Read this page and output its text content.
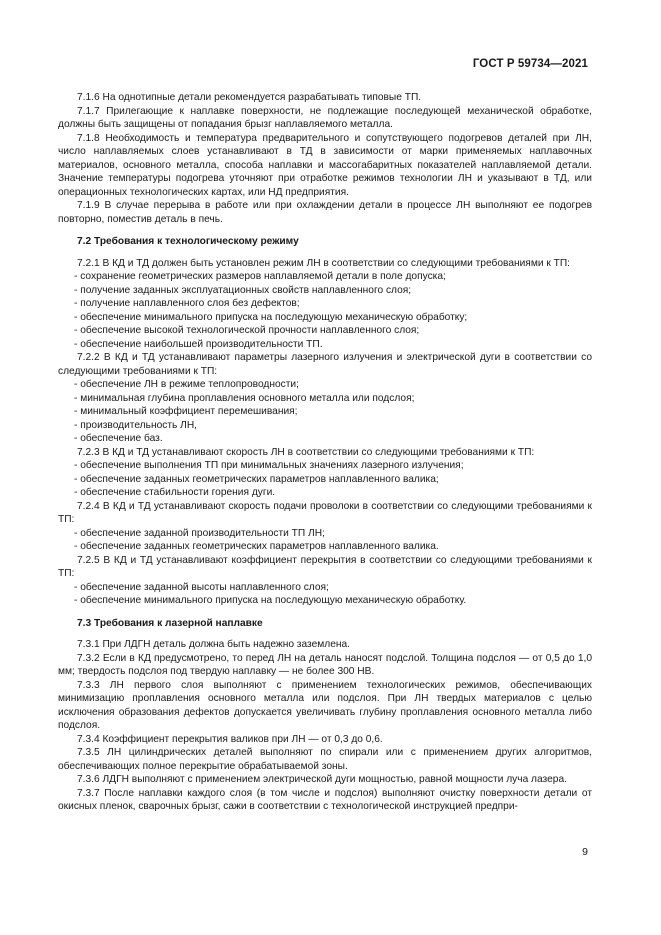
ГОСТ Р 59734—2021

7.1.6 На однотипные детали рекомендуется разрабатывать типовые ТП.

7.1.7 Прилегающие к наплавке поверхности, не подлежащие последующей механической обработке, должны быть защищены от попадания брызг наплавляемого металла.

7.1.8 Необходимость и температура предварительного и сопутствующего подогревов деталей при ЛН, число наплавляемых слоев устанавливают в ТД в зависимости от марки применяемых наплавочных материалов, основного металла, способа наплавки и массогабаритных показателей наплавляемой детали. Значение температуры подогрева уточняют при отработке режимов технологии ЛН и указывают в ТД, или операционных технологических картах, или НД предприятия.

7.1.9 В случае перерыва в работе или при охлаждении детали в процессе ЛН выполняют ее подогрев повторно, поместив деталь в печь.

7.2 Требования к технологическому режиму

7.2.1 В КД и ТД должен быть установлен режим ЛН в соответствии со следующими требованиями к ТП:

- сохранение геометрических размеров наплавляемой детали в поле допуска;

- получение заданных эксплуатационных свойств наплавленного слоя;

- получение наплавленного слоя без дефектов;

- обеспечение минимального припуска на последующую механическую обработку;

- обеспечение высокой технологической прочности наплавленного слоя;

- обеспечение наибольшей производительности ТП.

7.2.2 В КД и ТД устанавливают параметры лазерного излучения и электрической дуги в соответствии со следующими требованиями к ТП:

- обеспечение ЛН в режиме теплопроводности;

- минимальная глубина проплавления основного металла или подслоя;

- минимальный коэффициент перемешивания;

- производительность ЛН,

- обеспечение баз.

7.2.3 В КД и ТД устанавливают скорость ЛН в соответствии со следующими требованиями к ТП:

- обеспечение выполнения ТП при минимальных значениях лазерного излучения;

- обеспечение заданных геометрических параметров наплавленного валика;

- обеспечение стабильности горения дуги.

7.2.4 В КД и ТД устанавливают скорость подачи проволоки в соответствии со следующими требованиями к ТП:

- обеспечение заданной производительности ТП ЛН;

- обеспечение заданных геометрических параметров наплавленного валика.

7.2.5 В КД и ТД устанавливают коэффициент перекрытия в соответствии со следующими требованиями к ТП:

- обеспечение заданной высоты наплавленного слоя;

- обеспечение минимального припуска на последующую механическую обработку.

7.3 Требования к лазерной наплавке

7.3.1 При ЛДГН деталь должна быть надежно заземлена.

7.3.2 Если в КД предусмотрено, то перед ЛН на деталь наносят подслой. Толщина подслоя — от 0,5 до 1,0 мм; твердость подслоя под твердую наплавку — не более 300 НВ.

7.3.3 ЛН первого слоя выполняют с применением технологических режимов, обеспечивающих минимизацию проплавления основного металла или подслоя. При ЛН твердых материалов с целью исключения образования дефектов допускается увеличивать глубину проплавления основного металла либо подслоя.

7.3.4 Коэффициент перекрытия валиков при ЛН — от 0,3 до 0,6.

7.3.5 ЛН цилиндрических деталей выполняют по спирали или с применением других алгоритмов, обеспечивающих полное перекрытие обрабатываемой зоны.

7.3.6 ЛДГН выполняют с применением электрической дуги мощностью, равной мощности луча лазера.

7.3.7 После наплавки каждого слоя (в том числе и подслоя) выполняют очистку поверхности детали от окисных пленок, сварочных брызг, сажи в соответствии с технологической инструкцией предпри-

9
